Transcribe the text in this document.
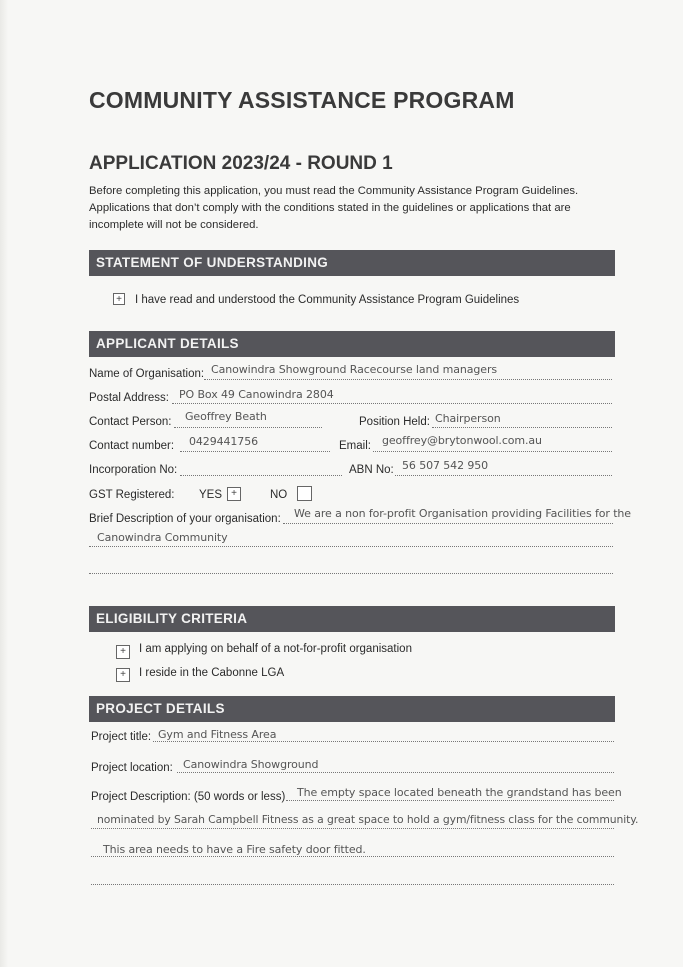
COMMUNITY ASSISTANCE PROGRAM
APPLICATION 2023/24 - ROUND 1
Before completing this application, you must read the Community Assistance Program Guidelines.
Applications that don’t comply with the conditions stated in the guidelines or applications that are
incomplete will not be considered.
STATEMENT OF UNDERSTANDING
+ I have read and understood the Community Assistance Program Guidelines
APPLICANT DETAILS
Name of Organisation: Canowindra Showground Racecourse land managers
Postal Address: PO Box 49 Canowindra 2804
Contact Person: Geoffrey Beath	Position Held: Chairperson
Contact number: 0429441756	Email: geoffrey@brytonwool.com.au
Incorporation No:	ABN No: 56 507 542 950
GST Registered: YES +	NO
Brief Description of your organisation: We are a non for-profit Organisation providing Facilities for the
Canowindra Community
ELIGIBILITY CRITERIA
+	I am applying on behalf of a not-for-profit organisation
+	I reside in the Cabonne LGA
PROJECT DETAILS
Project title: Gym and Fitness Area
Project location: Canowindra Showground
Project Description: (50 words or less) The empty space located beneath the grandstand has been
nominated by Sarah Campbell Fitness as a great space to hold a gym/fitness class for the community.
This area needs to have a Fire safety door fitted.
